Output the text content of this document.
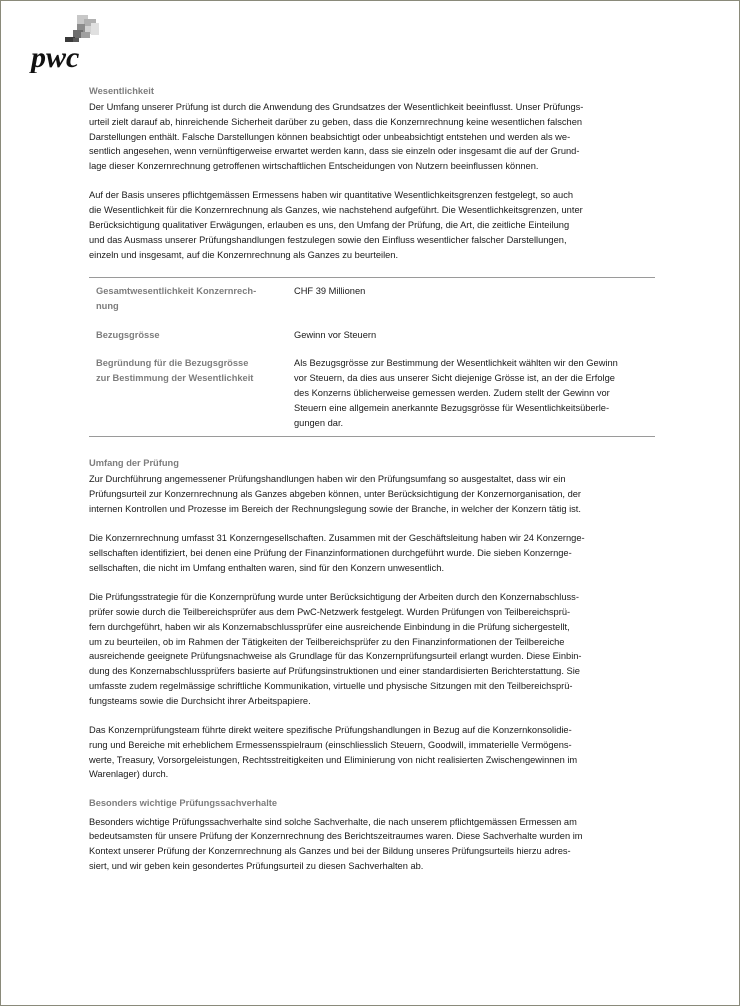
pwc
Wesentlichkeit
Der Umfang unserer Prüfung ist durch die Anwendung des Grundsatzes der Wesentlichkeit beeinflusst. Unser Prüfungs-
urteil zielt darauf ab, hinreichende Sicherheit darüber zu geben, dass die Konzernrechnung keine wesentlichen falschen
Darstellungen enthält. Falsche Darstellungen können beabsichtigt oder unbeabsichtigt entstehen und werden als we-
sentlich angesehen, wenn vernünftigerweise erwartet werden kann, dass sie einzeln oder insgesamt die auf der Grund-
lage dieser Konzernrechnung getroffenen wirtschaftlichen Entscheidungen von Nutzern beeinflussen können.
Auf der Basis unseres pflichtgemässen Ermessens haben wir quantitative Wesentlichkeitsgrenzen festgelegt, so auch
die Wesentlichkeit für die Konzernrechnung als Ganzes, wie nachstehend aufgeführt. Die Wesentlichkeitsgrenzen, unter
Berücksichtigung qualitativer Erwägungen, erlauben es uns, den Umfang der Prüfung, die Art, die zeitliche Einteilung
und das Ausmass unserer Prüfungshandlungen festzulegen sowie den Einfluss wesentlicher falscher Darstellungen,
einzeln und insgesamt, auf die Konzernrechnung als Ganzes zu beurteilen.
Gesamtwesentlichkeit Konzernrech-
nung	CHF 39 Millionen
Bezugsgrösse	Gewinn vor Steuern
Begründung für die Bezugsgrösse
zur Bestimmung der Wesentlichkeit	Als Bezugsgrösse zur Bestimmung der Wesentlichkeit wählten wir den Gewinn
vor Steuern, da dies aus unserer Sicht diejenige Grösse ist, an der die Erfolge
des Konzerns üblicherweise gemessen werden. Zudem stellt der Gewinn vor
Steuern eine allgemein anerkannte Bezugsgrösse für Wesentlichkeitsüberle-
gungen dar.
Umfang der Prüfung
Zur Durchführung angemessener Prüfungshandlungen haben wir den Prüfungsumfang so ausgestaltet, dass wir ein
Prüfungsurteil zur Konzernrechnung als Ganzes abgeben können, unter Berücksichtigung der Konzernorganisation, der
internen Kontrollen und Prozesse im Bereich der Rechnungslegung sowie der Branche, in welcher der Konzern tätig ist.
Die Konzernrechnung umfasst 31 Konzerngesellschaften. Zusammen mit der Geschäftsleitung haben wir 24 Konzernge-
sellschaften identifiziert, bei denen eine Prüfung der Finanzinformationen durchgeführt wurde. Die sieben Konzernge-
sellschaften, die nicht im Umfang enthalten waren, sind für den Konzern unwesentlich.
Die Prüfungsstrategie für die Konzernprüfung wurde unter Berücksichtigung der Arbeiten durch den Konzernabschluss-
prüfer sowie durch die Teilbereichsprüfer aus dem PwC-Netzwerk festgelegt. Wurden Prüfungen von Teilbereichsprü-
fern durchgeführt, haben wir als Konzernabschlussprüfer eine ausreichende Einbindung in die Prüfung sichergestellt,
um zu beurteilen, ob im Rahmen der Tätigkeiten der Teilbereichsprüfer zu den Finanzinformationen der Teilbereiche
ausreichende geeignete Prüfungsnachweise als Grundlage für das Konzernprüfungsurteil erlangt wurden. Diese Einbin-
dung des Konzernabschlussprüfers basierte auf Prüfungsinstruktionen und einer standardisierten Berichterstattung. Sie
umfasste zudem regelmässige schriftliche Kommunikation, virtuelle und physische Sitzungen mit den Teilbereichsprü-
fungsteams sowie die Durchsicht ihrer Arbeitspapiere.
Das Konzernprüfungsteam führte direkt weitere spezifische Prüfungshandlungen in Bezug auf die Konzernkonsolidie-
rung und Bereiche mit erheblichem Ermessensspielraum (einschliesslich Steuern, Goodwill, immaterielle Vermögens-
werte, Treasury, Vorsorgeleistungen, Rechtsstreitigkeiten und Eliminierung von nicht realisierten Zwischengewinnen im
Warenlager) durch.
Besonders wichtige Prüfungssachverhalte
Besonders wichtige Prüfungssachverhalte sind solche Sachverhalte, die nach unserem pflichtgemässen Ermessen am
bedeutsamsten für unsere Prüfung der Konzernrechnung des Berichtszeitraumes waren. Diese Sachverhalte wurden im
Kontext unserer Prüfung der Konzernrechnung als Ganzes und bei der Bildung unseres Prüfungsurteils hierzu adres-
siert, und wir geben kein gesondertes Prüfungsurteil zu diesen Sachverhalten ab.
